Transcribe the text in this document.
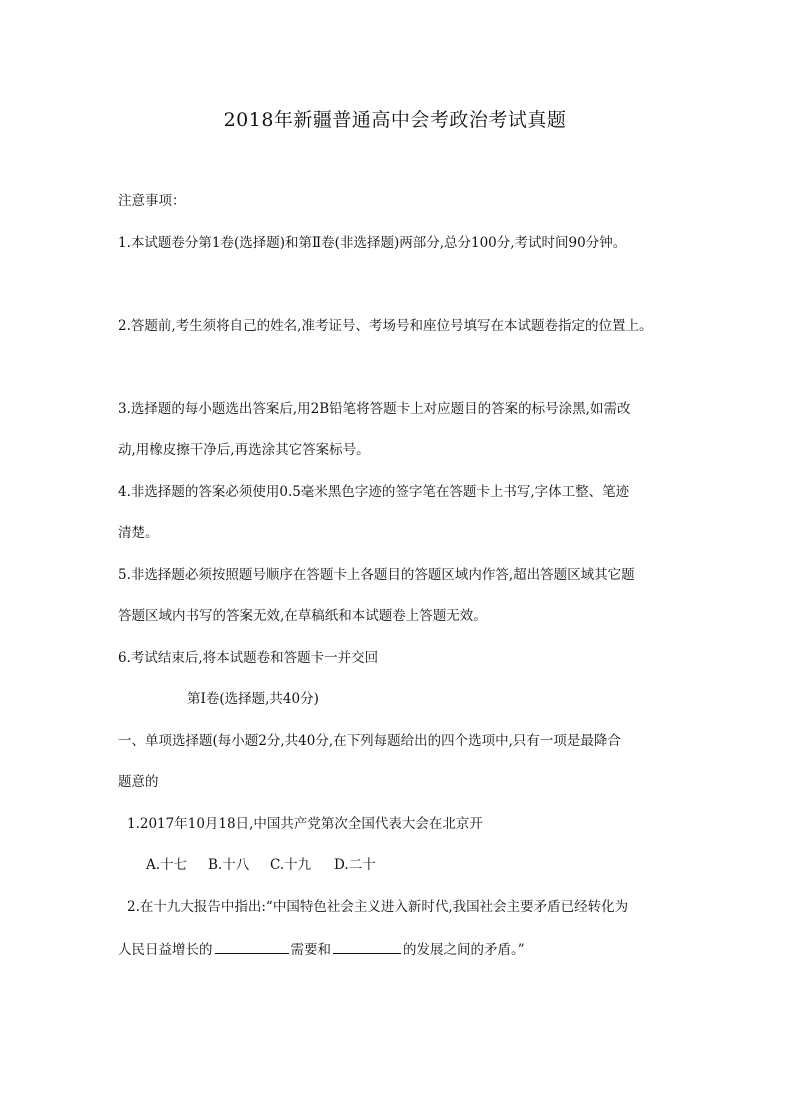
2018年新疆普通高中会考政治考试真题
注意事项：
1.本试题卷分第1卷(选择题)和第Ⅱ卷(非选择题)两部分,总分100分,考试时间90分钟。
2.答题前,考生须将自己的姓名,准考证号、考场号和座位号填写在本试题卷指定的位置上。
3.选择题的每小题选出答案后,用2B铅笔将答题卡上对应题目的答案的标号涂黑,如需改
动,用橡皮擦干净后,再选涂其它答案标号。
4.非选择题的答案必须使用0.5毫米黑色字迹的签字笔在答题卡上书写,字体工整、笔迹
清楚。
5.非选择题必须按照题号顺序在答题卡上各题目的答题区域内作答,超出答题区域其它题
答题区域内书写的答案无效,在草稿纸和本试题卷上答题无效。
6.考试结束后,将本试题卷和答题卡一并交回
第Ⅰ卷(选择题,共40分)
一、单项选择题(每小题2分,共40分,在下列每题给出的四个选项中,只有一项是最降合
题意的
1.2017年10月18日,中国共产党第次全国代表大会在北京开
A.十七 B.十八 C.十九 D.二十
2.在十九大报告中指出:“中国特色社会主义进入新时代,我国社会主要矛盾已经转化为
人民日益增长的	需要和	的发展之间的矛盾。”
